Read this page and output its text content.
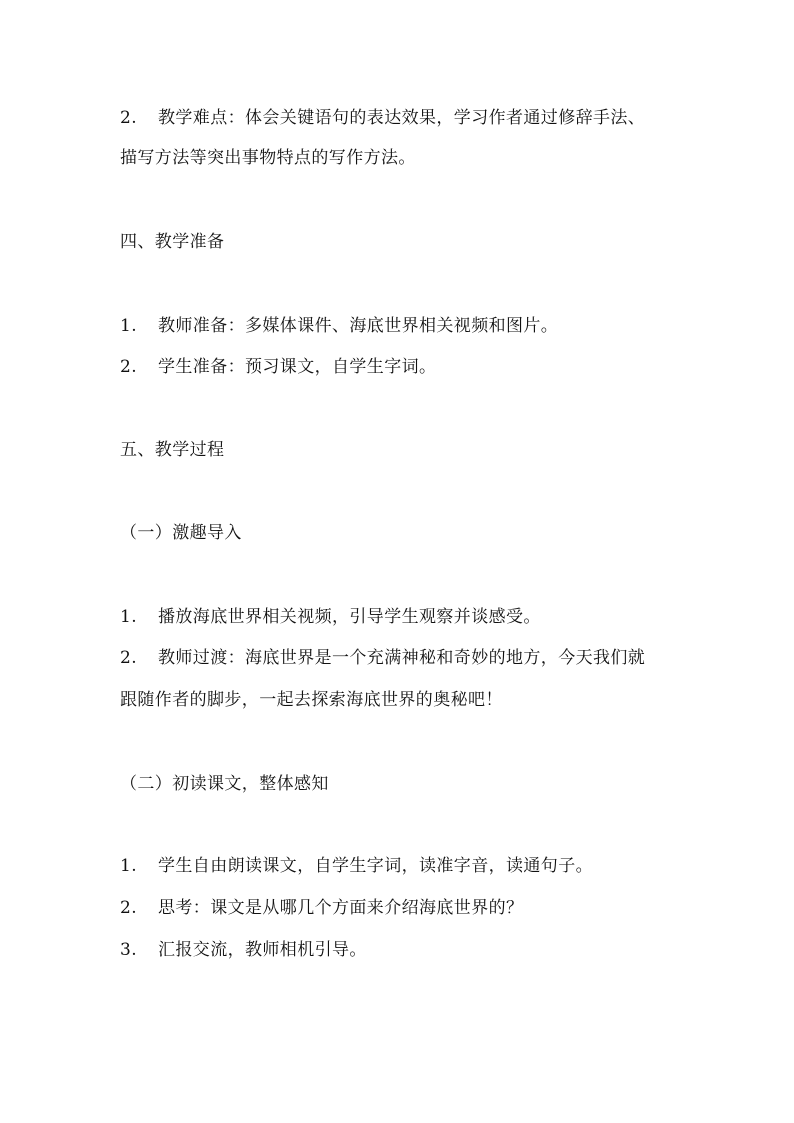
2. 教学难点：体会关键语句的表达效果，学习作者通过修辞手法、
描写方法等突出事物特点的写作方法。
四、教学准备
1. 教师准备：多媒体课件、海底世界相关视频和图片。
2. 学生准备：预习课文，自学生字词。
五、教学过程
（一）激趣导入
1. 播放海底世界相关视频，引导学生观察并谈感受。
2. 教师过渡：海底世界是一个充满神秘和奇妙的地方，今天我们就
跟随作者的脚步，一起去探索海底世界的奥秘吧！
（二）初读课文，整体感知
1. 学生自由朗读课文，自学生字词，读准字音，读通句子。
2. 思考：课文是从哪几个方面来介绍海底世界的？
3. 汇报交流，教师相机引导。
